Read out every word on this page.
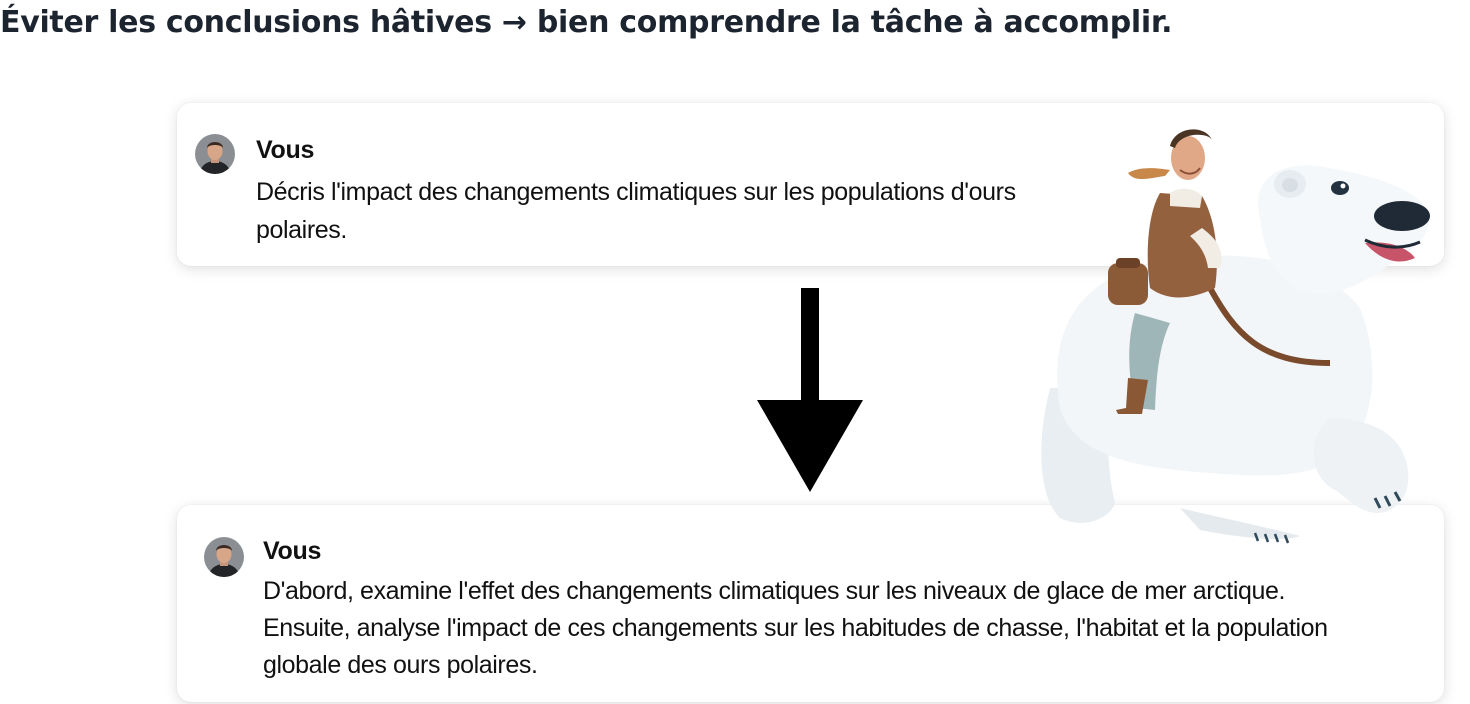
Éviter les conclusions hâtives → bien comprendre la tâche à accomplir.
Vous
Décris l'impact des changements climatiques sur les populations d'ours
polaires.
Vous
D'abord, examine l'effet des changements climatiques sur les niveaux de glace de mer arctique.
Ensuite, analyse l'impact de ces changements sur les habitudes de chasse, l'habitat et la population
globale des ours polaires.
